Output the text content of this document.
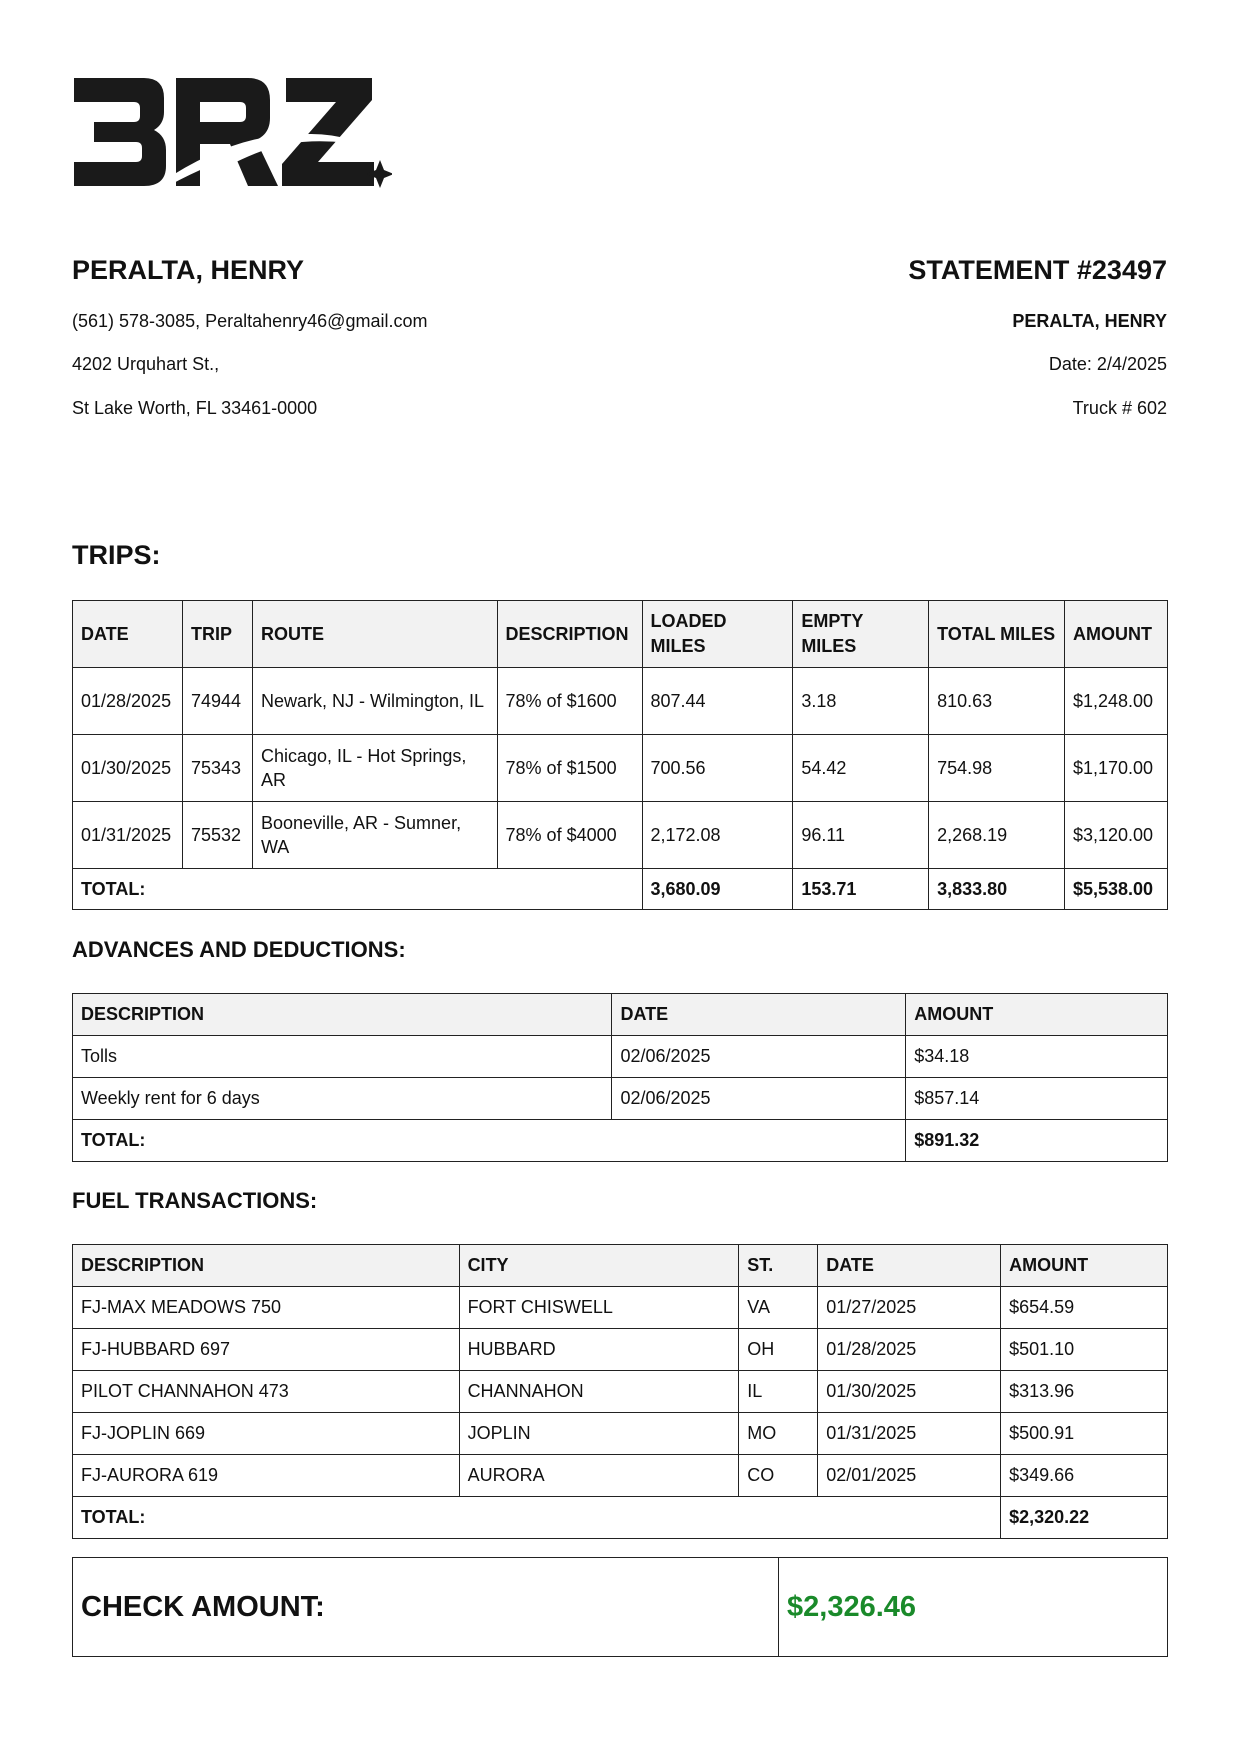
PERALTA, HENRY	STATEMENT #23497
(561) 578-3085, Peraltahenry46@gmail.com
4202 Urquhart St.,
St Lake Worth, FL 33461-0000
PERALTA, HENRY
Date: 2/4/2025
Truck # 602
TRIPS:
DATE	TRIP	ROUTE	DESCRIPTION	LOADED MILES	EMPTY MILES	TOTAL MILES	AMOUNT
01/28/2025	74944	Newark, NJ - Wilmington, IL	78% of $1600	807.44	3.18	810.63	$1,248.00
01/30/2025	75343	Chicago, IL - Hot Springs, AR	78% of $1500	700.56	54.42	754.98	$1,170.00
01/31/2025	75532	Booneville, AR - Sumner, WA	78% of $4000	2,172.08	96.11	2,268.19	$3,120.00
TOTAL:				3,680.09	153.71	3,833.80	$5,538.00
ADVANCES AND DEDUCTIONS:
DESCRIPTION	DATE	AMOUNT
Tolls	02/06/2025	$34.18
Weekly rent for 6 days	02/06/2025	$857.14
TOTAL:		$891.32
FUEL TRANSACTIONS:
DESCRIPTION	CITY	ST.	DATE	AMOUNT
FJ-MAX MEADOWS 750	FORT CHISWELL	VA	01/27/2025	$654.59
FJ-HUBBARD 697	HUBBARD	OH	01/28/2025	$501.10
PILOT CHANNAHON 473	CHANNAHON	IL	01/30/2025	$313.96
FJ-JOPLIN 669	JOPLIN	MO	01/31/2025	$500.91
FJ-AURORA 619	AURORA	CO	02/01/2025	$349.66
TOTAL:				$2,320.22
CHECK AMOUNT:	$2,326.46
